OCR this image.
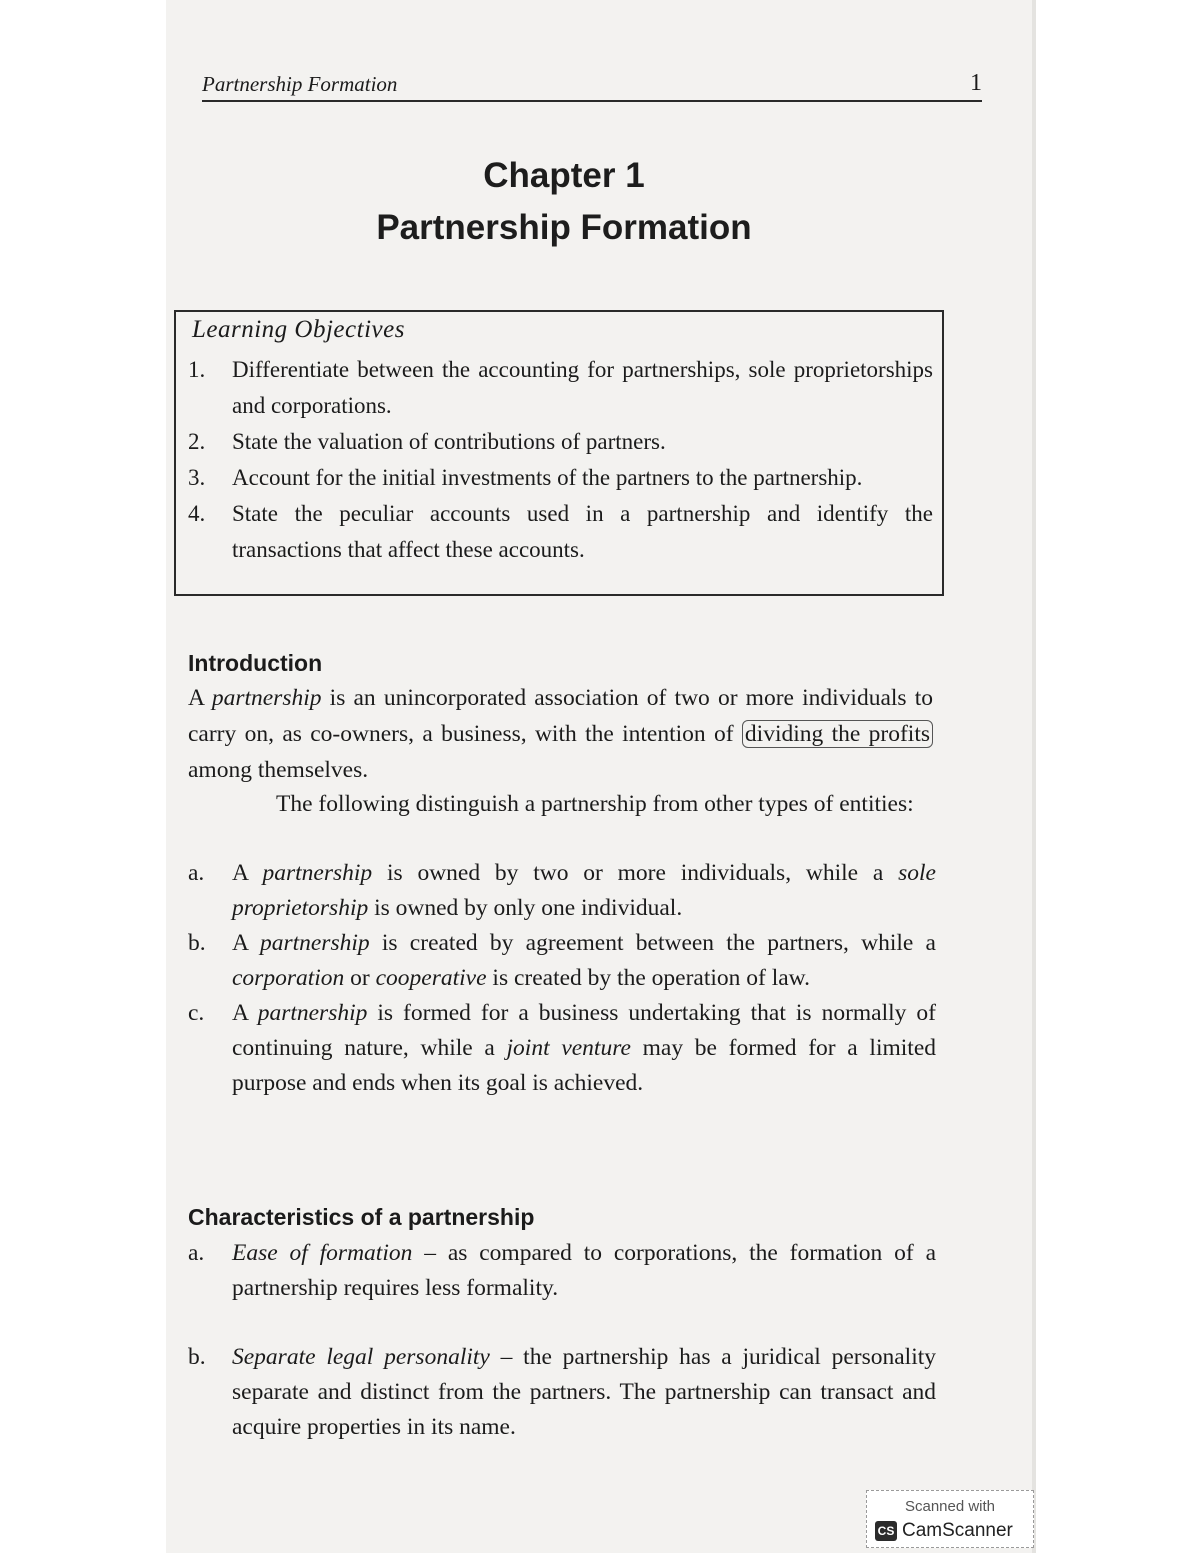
Partnership Formation	1
Chapter 1
Partnership Formation
Learning Objectives
1.	Differentiate between the accounting for partnerships, sole proprietorships and corporations.
2.	State the valuation of contributions of partners.
3.	Account for the initial investments of the partners to the partnership.
4.	State the peculiar accounts used in a partnership and identify the transactions that affect these accounts.
Introduction
A partnership is an unincorporated association of two or more individuals to carry on, as co-owners, a business, with the intention of dividing the profits among themselves.
The following distinguish a partnership from other types of entities:
a.	A partnership is owned by two or more individuals, while a sole proprietorship is owned by only one individual.
b.	A partnership is created by agreement between the partners, while a corporation or cooperative is created by the operation of law.
c.	A partnership is formed for a business undertaking that is normally of continuing nature, while a joint venture may be formed for a limited purpose and ends when its goal is achieved.
Characteristics of a partnership
a.	Ease of formation – as compared to corporations, the formation of a partnership requires less formality.
b.	Separate legal personality – the partnership has a juridical personality separate and distinct from the partners. The partnership can transact and acquire properties in its name.
Scanned with
CS CamScanner
